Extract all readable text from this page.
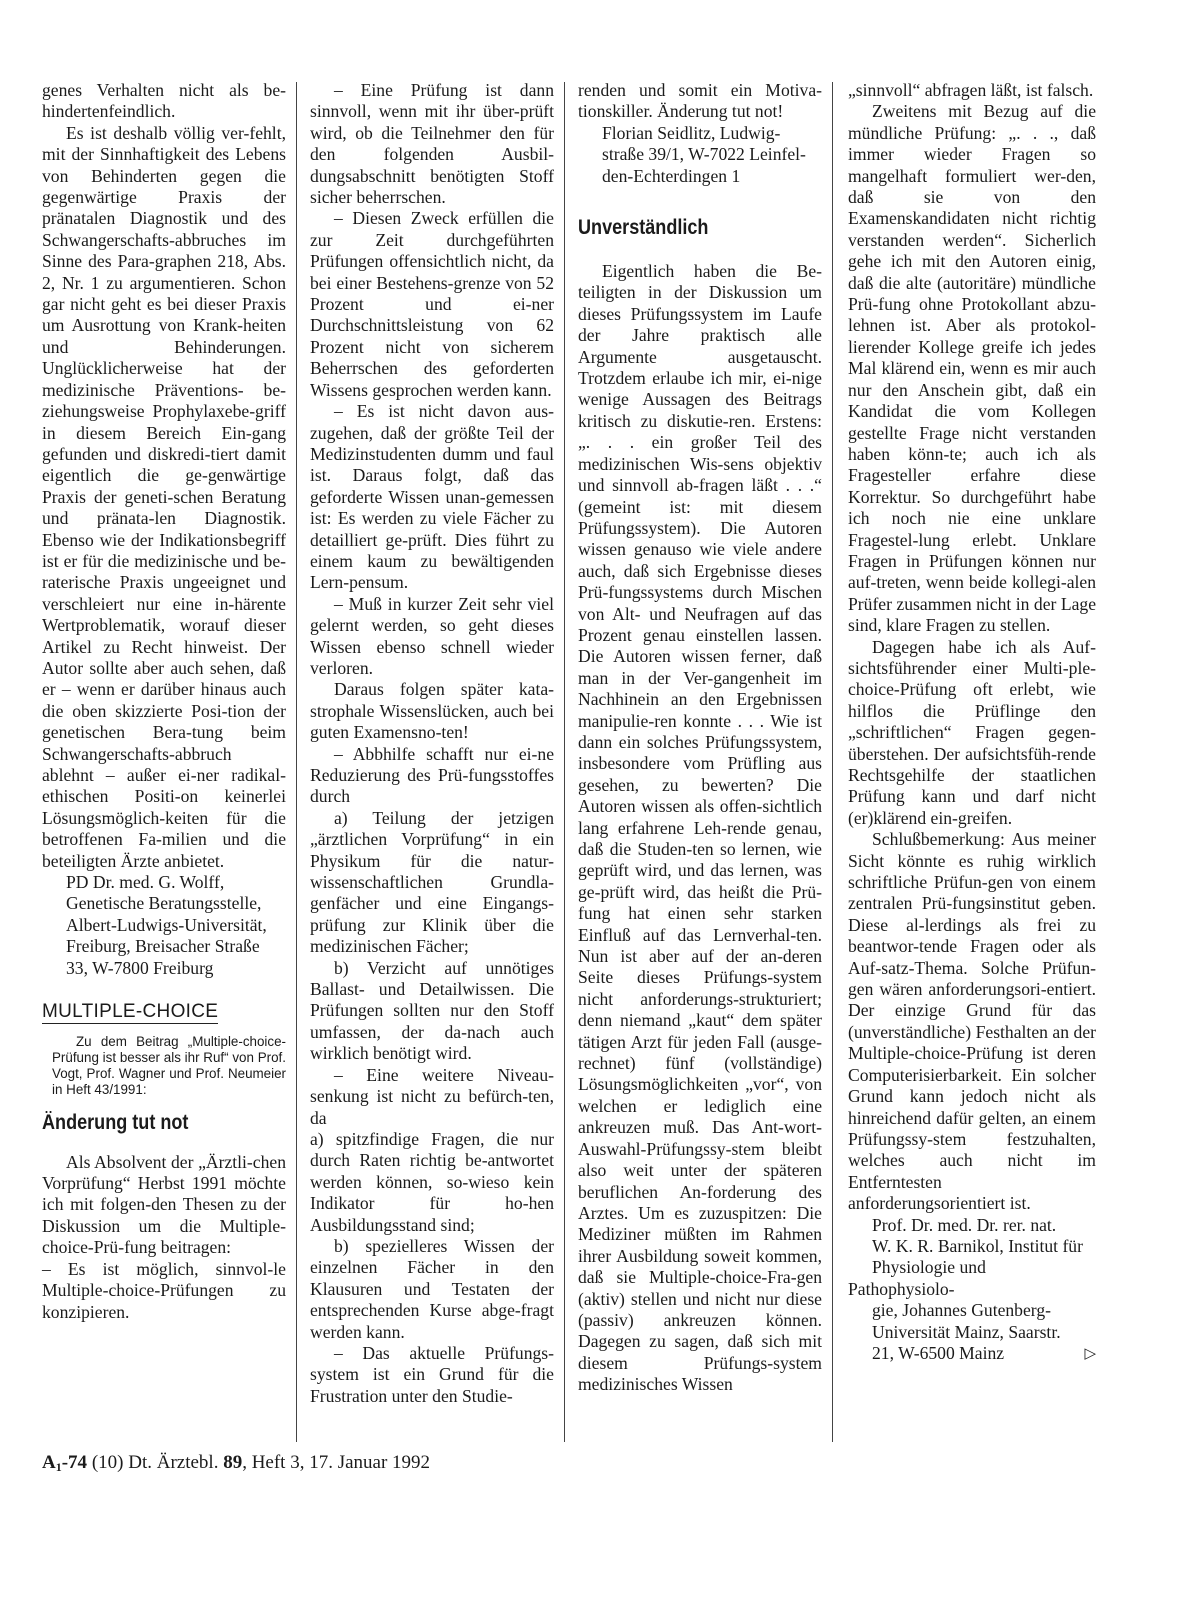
genes Verhalten nicht als be-hindertenfeindlich.

Es ist deshalb völlig ver-fehlt, mit der Sinnhaftigkeit des Lebens von Behinderten gegen die gegenwärtige Praxis der pränatalen Diagnostik und des Schwangerschafts-abbruches im Sinne des Para-graphen 218, Abs. 2, Nr. 1 zu argumentieren. Schon gar nicht geht es bei dieser Praxis um Ausrottung von Krank-heiten und Behinderungen. Unglücklicherweise hat der medizinische Präventions- be-ziehungsweise Prophylaxebe-griff in diesem Bereich Ein-gang gefunden und diskredi-tiert damit eigentlich die ge-genwärtige Praxis der geneti-schen Beratung und pränata-len Diagnostik. Ebenso wie der Indikationsbegriff ist er für die medizinische und be-raterische Praxis ungeeignet und verschleiert nur eine in-härente Wertproblematik, worauf dieser Artikel zu Recht hinweist. Der Autor sollte aber auch sehen, daß er – wenn er darüber hinaus auch die oben skizzierte Posi-tion der genetischen Bera-tung beim Schwangerschafts-abbruch ablehnt – außer ei-ner radikal-ethischen Positi-on keinerlei Lösungsmöglich-keiten für die betroffenen Fa-milien und die beteiligten Ärzte anbietet.

PD Dr. med. G. Wolff,
Genetische Beratungsstelle,
Albert-Ludwigs-Universität,
Freiburg, Breisacher Straße
33, W-7800 Freiburg

MULTIPLE-CHOICE

Zu dem Beitrag „Multiple-choice-Prüfung ist besser als ihr Ruf“ von Prof. Vogt, Prof. Wagner und Prof. Neumeier in Heft 43/1991:

Änderung tut not

Als Absolvent der „Ärztli-chen Vorprüfung“ Herbst 1991 möchte ich mit folgen-den Thesen zu der Diskussion um die Multiple-choice-Prü-fung beitragen:

– Es ist möglich, sinnvol-le Multiple-choice-Prüfungen zu konzipieren.

– Eine Prüfung ist dann sinnvoll, wenn mit ihr über-prüft wird, ob die Teilnehmer den für den folgenden Ausbil-dungsabschnitt benötigten Stoff sicher beherrschen.

– Diesen Zweck erfüllen die zur Zeit durchgeführten Prüfungen offensichtlich nicht, da bei einer Bestehens-grenze von 52 Prozent und ei-ner Durchschnittsleistung von 62 Prozent nicht von sicherem Beherrschen des geforderten Wissens gesprochen werden kann.

– Es ist nicht davon aus-zugehen, daß der größte Teil der Medizinstudenten dumm und faul ist. Daraus folgt, daß das geforderte Wissen unan-gemessen ist: Es werden zu viele Fächer zu detailliert ge-prüft. Dies führt zu einem kaum zu bewältigenden Lern-pensum.

– Muß in kurzer Zeit sehr viel gelernt werden, so geht dieses Wissen ebenso schnell wieder verloren.

Daraus folgen später kata-strophale Wissenslücken, auch bei guten Examensno-ten!

– Abbhilfe schafft nur ei-ne Reduzierung des Prü-fungsstoffes durch

a) Teilung der jetzigen „ärztlichen Vorprüfung“ in ein Physikum für die natur-wissenschaftlichen Grundla-genfächer und eine Eingangs-prüfung zur Klinik über die medizinischen Fächer;

b) Verzicht auf unnötiges Ballast- und Detailwissen. Die Prüfungen sollten nur den Stoff umfassen, der da-nach auch wirklich benötigt wird.

– Eine weitere Niveau-senkung ist nicht zu befürch-ten, da

a) spitzfindige Fragen, die nur durch Raten richtig be-antwortet werden können, so-wieso kein Indikator für ho-hen Ausbildungsstand sind;

b) spezielleres Wissen der einzelnen Fächer in den Klausuren und Testaten der entsprechenden Kurse abge-fragt werden kann.

– Das aktuelle Prüfungs-system ist ein Grund für die Frustration unter den Studie-

renden und somit ein Motiva-tionskiller. Änderung tut not!

Florian Seidlitz, Ludwig-
straße 39/1, W-7022 Leinfel-
den-Echterdingen 1

Unverständlich

Eigentlich haben die Be-teiligten in der Diskussion um dieses Prüfungssystem im Laufe der Jahre praktisch alle Argumente ausgetauscht. Trotzdem erlaube ich mir, ei-nige wenige Aussagen des Beitrags kritisch zu diskutie-ren. Erstens: „. . . ein großer Teil des medizinischen Wis-sens objektiv und sinnvoll ab-fragen läßt . . .“ (gemeint ist: mit diesem Prüfungssystem). Die Autoren wissen genauso wie viele andere auch, daß sich Ergebnisse dieses Prü-fungssystems durch Mischen von Alt- und Neufragen auf das Prozent genau einstellen lassen. Die Autoren wissen ferner, daß man in der Ver-gangenheit im Nachhinein an den Ergebnissen manipulie-ren konnte . . . Wie ist dann ein solches Prüfungssystem, insbesondere vom Prüfling aus gesehen, zu bewerten? Die Autoren wissen als offen-sichtlich lang erfahrene Leh-rende genau, daß die Studen-ten so lernen, wie geprüft wird, und das lernen, was ge-prüft wird, das heißt die Prü-fung hat einen sehr starken Einfluß auf das Lernverhal-ten. Nun ist aber auf der an-deren Seite dieses Prüfungs-system nicht anforderungs-strukturiert; denn niemand „kaut“ dem später tätigen Arzt für jeden Fall (ausge-rechnet) fünf (vollständige) Lösungsmöglichkeiten „vor“, von welchen er lediglich eine ankreuzen muß. Das Ant-wort-Auswahl-Prüfungssy-stem bleibt also weit unter der späteren beruflichen An-forderung des Arztes. Um es zuzuspitzen: Die Mediziner müßten im Rahmen ihrer Ausbildung soweit kommen, daß sie Multiple-choice-Fra-gen (aktiv) stellen und nicht nur diese (passiv) ankreuzen können. Dagegen zu sagen, daß sich mit diesem Prüfungs-system medizinisches Wissen

„sinnvoll“ abfragen läßt, ist falsch.

Zweitens mit Bezug auf die mündliche Prüfung: „. . ., daß immer wieder Fragen so mangelhaft formuliert wer-den, daß sie von den Examenskandidaten nicht richtig verstanden werden“. Sicherlich gehe ich mit den Autoren einig, daß die alte (autoritäre) mündliche Prü-fung ohne Protokollant abzu-lehnen ist. Aber als protokol-lierender Kollege greife ich jedes Mal klärend ein, wenn es mir auch nur den Anschein gibt, daß ein Kandidat die vom Kollegen gestellte Frage nicht verstanden haben könn-te; auch ich als Fragesteller erfahre diese Korrektur. So durchgeführt habe ich noch nie eine unklare Fragestel-lung erlebt. Unklare Fragen in Prüfungen können nur auf-treten, wenn beide kollegi-alen Prüfer zusammen nicht in der Lage sind, klare Fragen zu stellen.

Dagegen habe ich als Auf-sichtsführender einer Multi-ple-choice-Prüfung oft erlebt, wie hilflos die Prüflinge den „schriftlichen“ Fragen gegen-überstehen. Der aufsichtsfüh-rende Rechtsgehilfe der staatlichen Prüfung kann und darf nicht (er)klärend ein-greifen.

Schlußbemerkung: Aus meiner Sicht könnte es ruhig wirklich schriftliche Prüfun-gen von einem zentralen Prü-fungsinstitut geben. Diese al-lerdings als frei zu beantwor-tende Fragen oder als Auf-satz-Thema. Solche Prüfun-gen wären anforderungsori-entiert. Der einzige Grund für das (unverständliche) Festhalten an der Multiple-choice-Prüfung ist deren Computerisierbarkeit. Ein solcher Grund kann jedoch nicht als hinreichend dafür gelten, an einem Prüfungssy-stem festzuhalten, welches auch nicht im Entferntesten anforderungsorientiert ist.

Prof. Dr. med. Dr. rer. nat.
W. K. R. Barnikol, Institut für
Physiologie und Pathophysiolo-
gie, Johannes Gutenberg-
Universität Mainz, Saarstr.
21, W-6500 Mainz	▷

$A_1-74$ (10) Dt. Ärztebl. 89, Heft 3, 17. Januar 1992
